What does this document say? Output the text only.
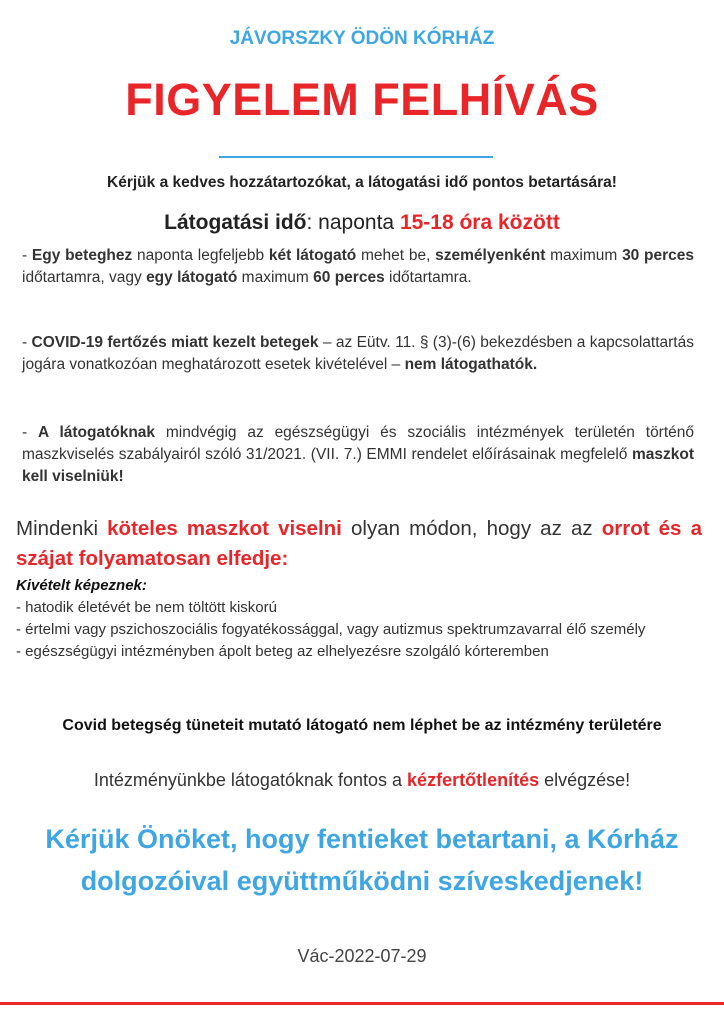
JÁVORSZKY ÖDÖN KÓRHÁZ
FIGYELEM FELHÍVÁS
Kérjük a kedves hozzátartozókat, a látogatási idő pontos betartására!
Látogatási idő: naponta 15-18 óra között
- Egy beteghez naponta legfeljebb két látogató mehet be, személyenként maximum 30 perces időtartamra, vagy egy látogató maximum 60 perces időtartamra.
- COVID-19 fertőzés miatt kezelt betegek – az Eütv. 11. § (3)-(6) bekezdésben a kapcsolattartás jogára vonatkozóan meghatározott esetek kivételével – nem látogathatók.
- A látogatóknak mindvégig az egészségügyi és szociális intézmények területén történő maszkviselés szabályairól szóló 31/2021. (VII. 7.) EMMI rendelet előírásainak megfelelő maszkot kell viselniük!
Mindenki köteles maszkot viselni olyan módon, hogy az az orrot és a szájat folyamatosan elfedje:
Kivételt képeznek:
- hatodik életévét be nem töltött kiskorú
- értelmi vagy pszichoszociális fogyatékossággal, vagy autizmus spektrumzavarral élő személy
- egészségügyi intézményben ápolt beteg az elhelyezésre szolgáló kórteremben
Covid betegség tüneteit mutató látogató nem léphet be az intézmény területére
Intézményünkbe látogatóknak fontos a kézfertőtlenítés elvégzése!
Kérjük Önöket, hogy fentieket betartani, a Kórház dolgozóival együttműködni szíveskedjenek!
Vác-2022-07-29
